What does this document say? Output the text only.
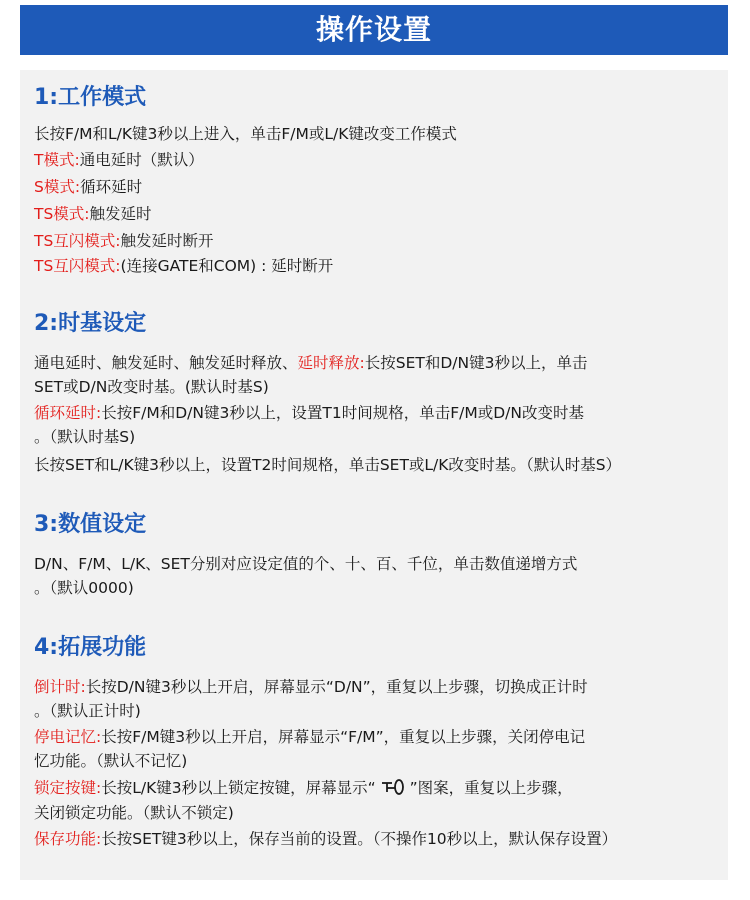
操作设置
1:工作模式
长按F/M和L/K键3秒以上进入，单击F/M或L/K键改变工作模式
T模式:通电延时（默认）
S模式:循环延时
TS模式:触发延时
TS互闪模式:触发延时断开
TS互闪模式:(连接GATE和COM) : 延时断开
2:时基设定
通电延时、触发延时、触发延时释放、延时释放:长按SET和D/N键3秒以上，单击
SET或D/N改变时基。(默认时基S)
循环延时:长按F/M和D/N键3秒以上，设置T1时间规格，单击F/M或D/N改变时基
。（默认时基S)
长按SET和L/K键3秒以上，设置T2时间规格，单击SET或L/K改变时基。（默认时基S）
3:数值设定
D/N、F/M、L/K、SET分别对应设定值的个、十、百、千位，单击数值递增方式
。（默认0000)
4:拓展功能
倒计时:长按D/N键3秒以上开启，屏幕显示“D/N”，重复以上步骤，切换成正计时
。（默认正计时)
停电记忆:长按F/M键3秒以上开启，屏幕显示“F/M”，重复以上步骤，关闭停电记
忆功能。（默认不记忆)
锁定按键:长按L/K键3秒以上锁定按键，屏幕显示“ ”图案，重复以上步骤，
关闭锁定功能。（默认不锁定)
保存功能:长按SET键3秒以上，保存当前的设置。（不操作10秒以上，默认保存设置）
